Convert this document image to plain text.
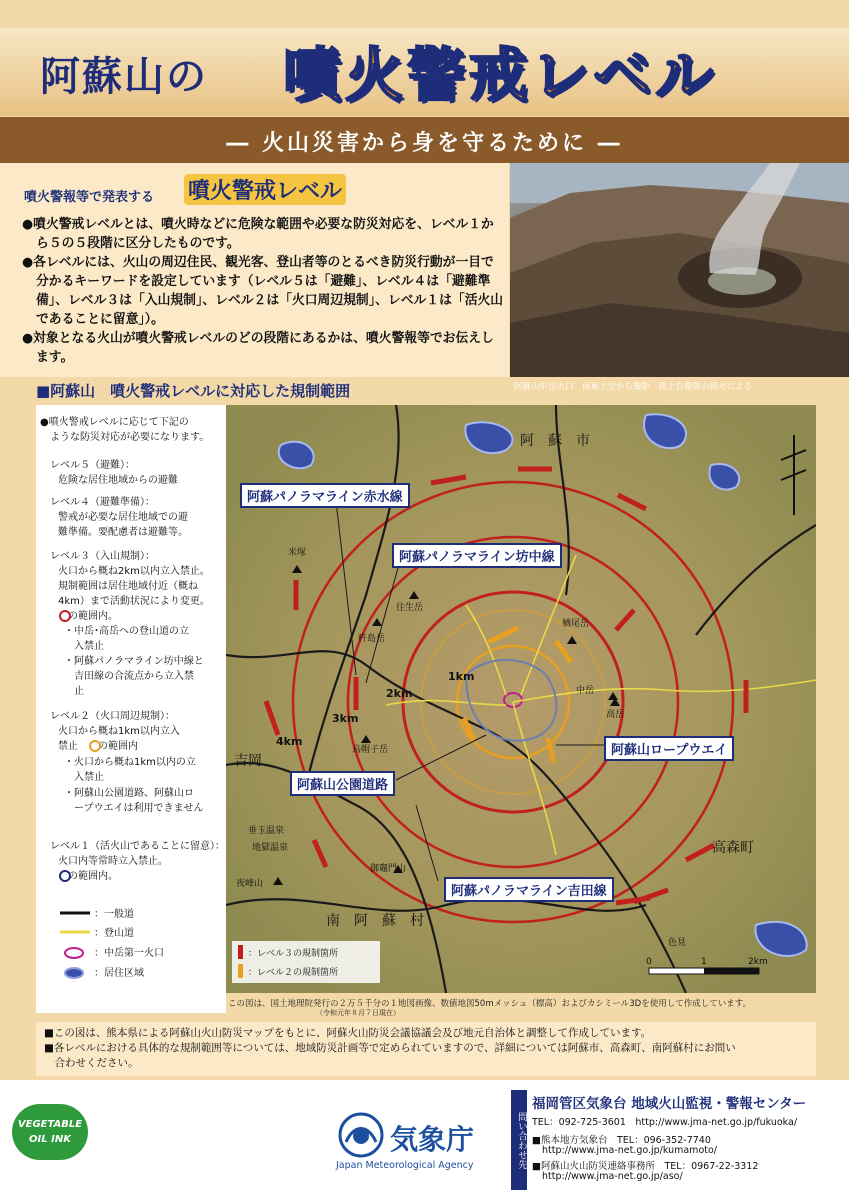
阿蘇山の 噴火警戒レベル
― 火山災害から身を守るために ―
噴火警報等で発表する 噴火警戒レベル
●噴火警戒レベルとは、噴火時などに危険な範囲や必要な防災対応を、レベル１から５の５段階に区分したものです。
●各レベルには、火山の周辺住民、観光客、登山者等のとるべき防災行動が一目で分かるキーワードを設定しています（レベル５は「避難」、レベル４は「避難準備」、レベル３は「入山規制」、レベル２は「火口周辺規制」、レベル１は「活火山であることに留意」）。
●対象となる火山が噴火警戒レベルのどの段階にあるかは、噴火警報等でお伝えします。
阿蘇山中岳火口　南東上空から撮影　陸上自衛隊の協力による
■阿蘇山　噴火警戒レベルに対応した規制範囲
●噴火警戒レベルに応じて下記の
ような防災対応が必要になります。
レベル５（避難）：
危険な居住地域からの避難
レベル４（避難準備）：
警戒が必要な居住地域での避
難準備。要配慮者は避難等。
レベル３（入山規制）：
火口から概ね2km以内立入禁止。
規制範囲は居住地域付近（概ね
4km）まで活動状況により変更。
　の範囲内。
・中岳･高岳への登山道の立
　入禁止
・阿蘇パノラマライン坊中線と
　吉田線の合流点から立入禁
　止
レベル２（火口周辺規制）：
火口から概ね1km以内立入
禁止　　の範囲内
・火口から概ね1km以内の立
　入禁止
・阿蘇山公園道路、阿蘇山ロ
　ープウエイは利用できません
レベル１（活火山であることに留意）：
火口内等常時立入禁止。
　の範囲内。
：一般道
：登山道
：中岳第一火口
：居住区域
阿蘇パノラマライン赤水線
阿蘇パノラマライン坊中線
阿蘇山ロープウエイ
阿蘇山公園道路
阿蘇パノラマライン吉田線
阿　蘇　市
高森町
南　阿　蘇　村
吉岡
米塚
往生岳
杵島岳
楢尾岳
中岳
高岳
烏帽子岳
垂玉温泉
地獄温泉
御竈門山
夜峰山
色見
1km
2km
3km
4km
0	1	2km
：レベル３の規制箇所
：レベル２の規制箇所
この図は、国土地理院発行の２万５千分の１地図画像、数値地図50mメッシュ（標高）およびカシミール3Dを使用して作成しています。
（令和元年８月７日現在）
■この図は、熊本県による阿蘇山火山防災マップをもとに、阿蘇火山防災会議協議会及び地元自治体と調整して作成しています。
■各レベルにおける具体的な規制範囲等については、地域防災計画等で定められていますので、詳細については阿蘇市、高森町、南阿蘇村にお問い
　合わせください。
VEGETABLE
OIL INK	気象庁
Japan Meteorological Agency	問い合わせ先
福岡管区気象台 地域火山監視・警報センター
TEL：092-725-3601　http://www.jma-net.go.jp/fukuoka/
■熊本地方気象台　TEL：096-352-7740
http://www.jma-net.go.jp/kumamoto/
■阿蘇山火山防災連絡事務所　TEL：0967-22-3312
http://www.jma-net.go.jp/aso/
